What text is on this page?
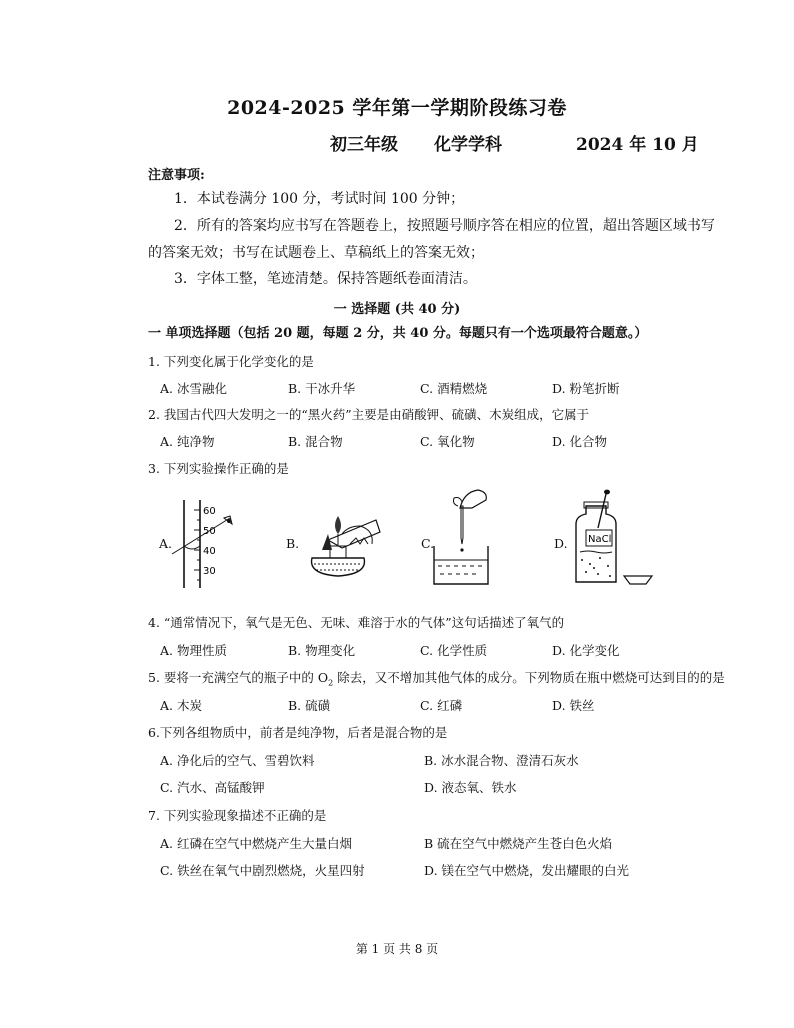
2024-2025 学年第一学期阶段练习卷
初三年级 化学学科	2024 年 10 月
注意事项:
1．本试卷满分 100 分，考试时间 100 分钟；
2．所有的答案均应书写在答题卷上，按照题号顺序答在相应的位置，超出答题区域书写
的答案无效；书写在试题卷上、草稿纸上的答案无效；
3．字体工整，笔迹清楚。保持答题纸卷面清洁。
一 选择题 (共 40 分)
一 单项选择题（包括 20 题，每题 2 分，共 40 分。每题只有一个选项最符合题意。）
1. 下列变化属于化学变化的是
A. 冰雪融化	B. 干冰升华	C. 酒精燃烧	D. 粉笔折断
2. 我国古代四大发明之一的“黑火药”主要是由硝酸钾、硫磺、木炭组成，它属于
A. 纯净物	B. 混合物	C. 氧化物	D. 化合物
3. 下列实验操作正确的是
A.	B.	C.	D.
60
50
40
30
NaCl
4. “通常情况下，氧气是无色、无味、难溶于水的气体”这句话描述了氧气的
A. 物理性质	B. 物理变化	C. 化学性质	D. 化学变化
5. 要将一充满空气的瓶子中的 $O_2$ 除去，又不增加其他气体的成分。下列物质在瓶中燃烧可达到目的的是
A. 木炭	B. 硫磺	C. 红磷	D. 铁丝
6.下列各组物质中，前者是纯净物，后者是混合物的是
A. 净化后的空气、雪碧饮料	B. 冰水混合物、澄清石灰水
C. 汽水、高锰酸钾	D. 液态氧、铁水
7. 下列实验现象描述不正确的是
A. 红磷在空气中燃烧产生大量白烟	B 硫在空气中燃烧产生苍白色火焰
C. 铁丝在氧气中剧烈燃烧，火星四射	D. 镁在空气中燃烧，发出耀眼的白光
第 1 页 共 8 页
